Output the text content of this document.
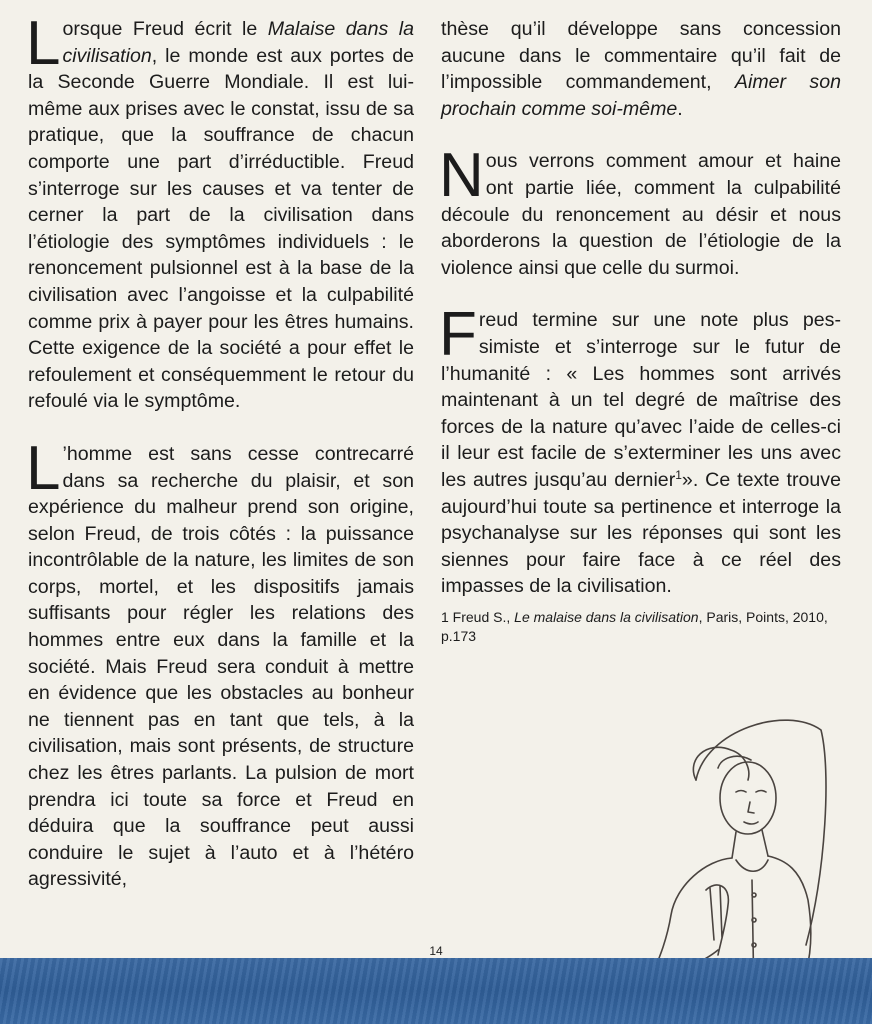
Lorsque Freud écrit le Malaise dans la civilisation, le monde est aux portes de la Seconde Guerre Mondiale. Il est lui-même aux prises avec le constat, issu de sa pratique, que la souffrance de chacun comporte une part d’irréductible. Freud s’interroge sur les causes et va tenter de cerner la part de la civilisation dans l’étiologie des symptômes individuels : le renoncement pulsionnel est à la base de la civilisation avec l’angoisse et la culpabilité comme prix à payer pour les êtres humains. Cette exigence de la société a pour effet le refoulement et conséquemment le retour du refoulé via le symptôme.

L ’homme est sans cesse contrecarré dans sa recherche du plaisir, et son expérience du malheur prend son origine, selon Freud, de trois côtés : la puissance incontrôlable de la nature, les limites de son corps, mortel, et les dispositifs jamais suffisants pour régler les relations des hommes entre eux dans la famille et la société. Mais Freud sera conduit à mettre en évidence que les obstacles au bonheur ne tiennent pas en tant que tels, à la civilisation, mais sont présents, de structure chez les êtres parlants. La pulsion de mort prendra ici toute sa force et Freud en déduira que la souffrance peut aussi conduire le sujet à l’auto et à l’hétéro agressivité,

thèse qu’il développe sans concession aucune dans le commentaire qu’il fait de l’impossible commandement, Aimer son prochain comme soi-même.

Nous verrons comment amour et haine ont partie liée, comment la culpabilité découle du renoncement au désir et nous aborderons la question de l’étiologie de la violence ainsi que celle du surmoi.

Freud termine sur une note plus pessimiste et s’interroge sur le futur de l’humanité : « Les hommes sont arrivés maintenant à un tel degré de maîtrise des forces de la nature qu’avec l’aide de celles-ci il leur est facile de s’exterminer les uns avec les autres jusqu’au dernier$^1$». Ce texte trouve aujourd’hui toute sa pertinence et interroge la psychanalyse sur les réponses qui sont les siennes pour faire face à ce réel des impasses de la civilisation.

1 Freud S., Le malaise dans la civilisation, Paris, Points, 2010, p.173
14
